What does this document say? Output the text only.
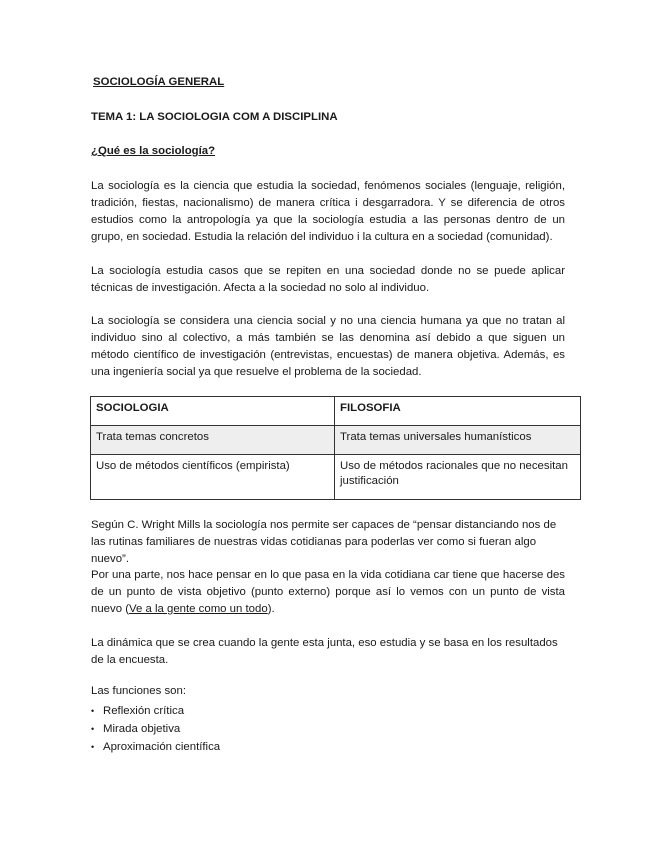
SOCIOLOGÍA GENERAL
TEMA 1: LA SOCIOLOGIA COM A DISCIPLINA
¿Qué es la sociología?

La sociología es la ciencia que estudia la sociedad, fenómenos sociales (lenguaje, religión, tradición, fiestas, nacionalismo) de manera crítica i desgarradora. Y se diferencia de otros estudios como la antropología ya que la sociología estudia a las personas dentro de un grupo, en sociedad. Estudia la relación del individuo i la cultura en a sociedad (comunidad).

La sociología estudia casos que se repiten en una sociedad donde no se puede aplicar técnicas de investigación. Afecta a la sociedad no solo al individuo.

La sociología se considera una ciencia social y no una ciencia humana ya que no tratan al individuo sino al colectivo, a más también se las denomina así debido a que siguen un método científico de investigación (entrevistas, encuestas) de manera objetiva. Además, es una ingeniería social ya que resuelve el problema de la sociedad.

SOCIOLOGIA	FILOSOFIA
Trata temas concretos	Trata temas universales humanísticos
Uso de métodos científicos (empirista)	Uso de métodos racionales que no necesitan justificación

Según C. Wright Mills la sociología nos permite ser capaces de “pensar distanciando nos de las rutinas familiares de nuestras vidas cotidianas para poderlas ver como si fueran algo nuevo”.

Por una parte, nos hace pensar en lo que pasa en la vida cotidiana car tiene que hacerse des de un punto de vista objetivo (punto externo) porque así lo vemos con un punto de vista nuevo (Ve a la gente como un todo).

La dinámica que se crea cuando la gente esta junta, eso estudia y se basa en los resultados de la encuesta.

Las funciones son:
• Reflexión crítica
• Mirada objetiva
• Aproximación científica
